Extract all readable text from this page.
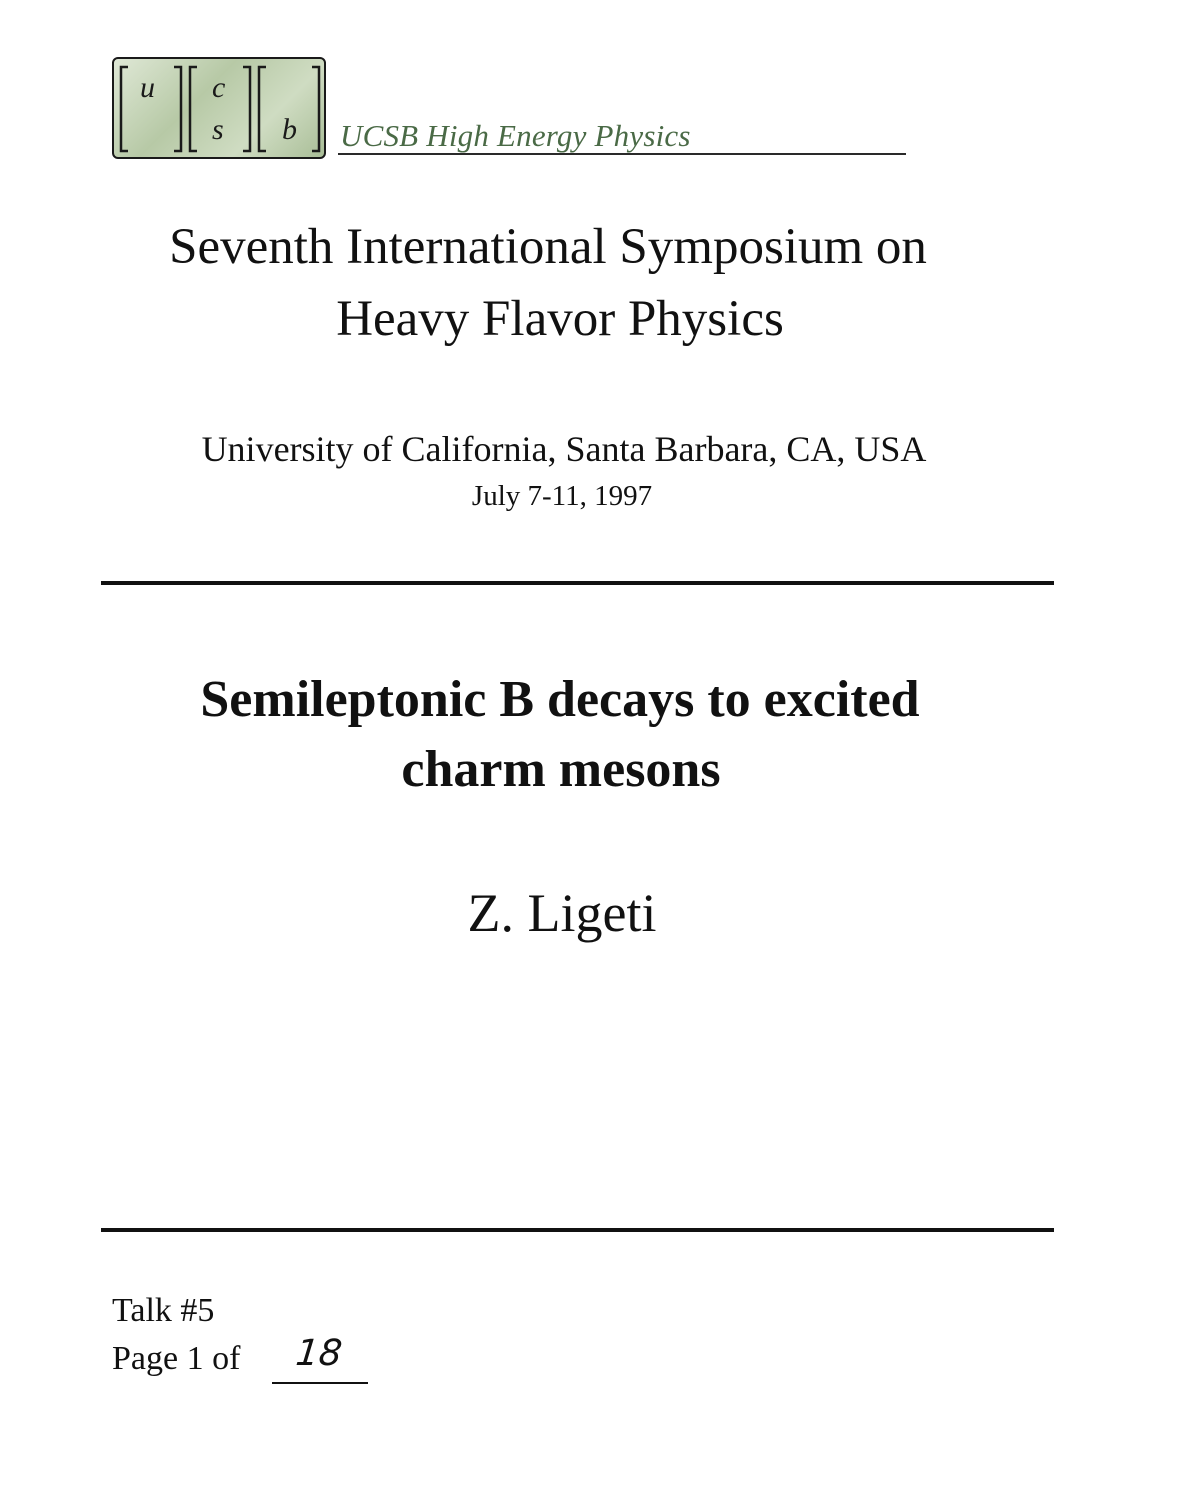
u c
s b UCSB High Energy Physics
Seventh International Symposium on
Heavy Flavor Physics
University of California, Santa Barbara, CA, USA
July 7-11, 1997
Semileptonic B decays to excited
charm mesons
Z. Ligeti
Talk #5
Page 1 of 18
